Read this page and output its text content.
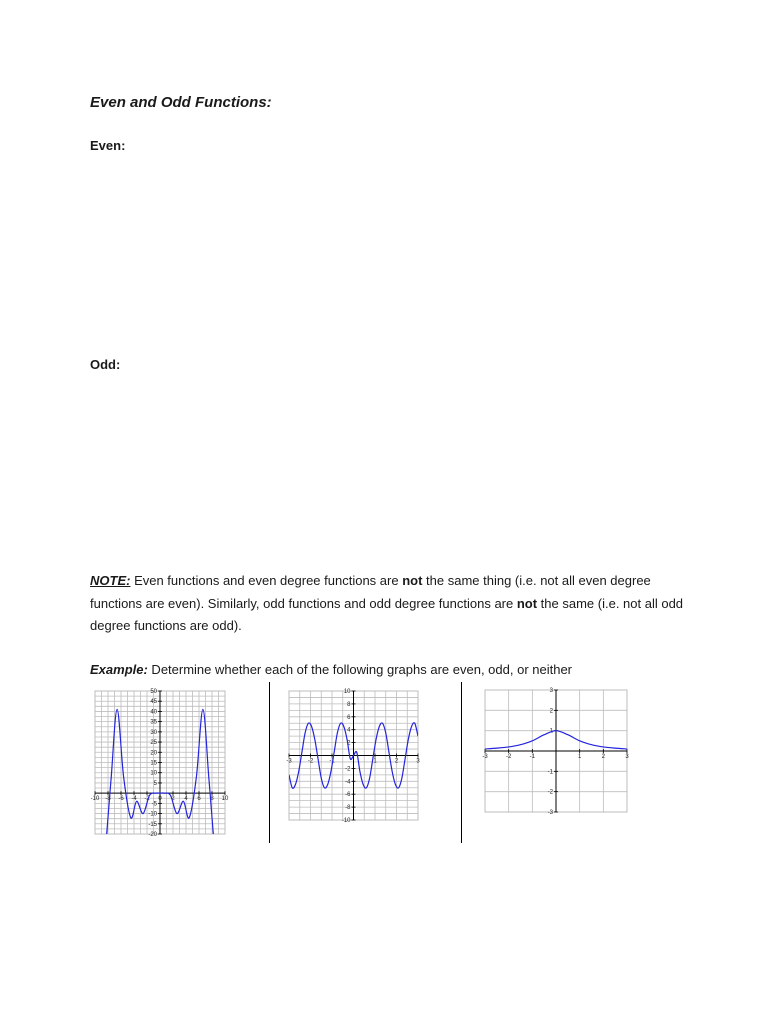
Even and Odd Functions:

Even:

Odd:

NOTE: Even functions and even degree functions are not the same thing (i.e. not all even degree functions are even). Similarly, odd functions and odd degree functions are not the same (i.e. not all odd degree functions are odd).

Example: Determine whether each of the following graphs are even, odd, or neither

-10 -8 -6 -4 -2 0 2 4 6 8 10
50
45
40
35
30
25
20
15
10
5
-5
-10
-15
-20
-3	-2	-1	1	2	3
10
8
6
4
2
-2
-4
-6
-8
-10
-3	-2	-1	1	2	3
3
2
1
-1
-2
-3
